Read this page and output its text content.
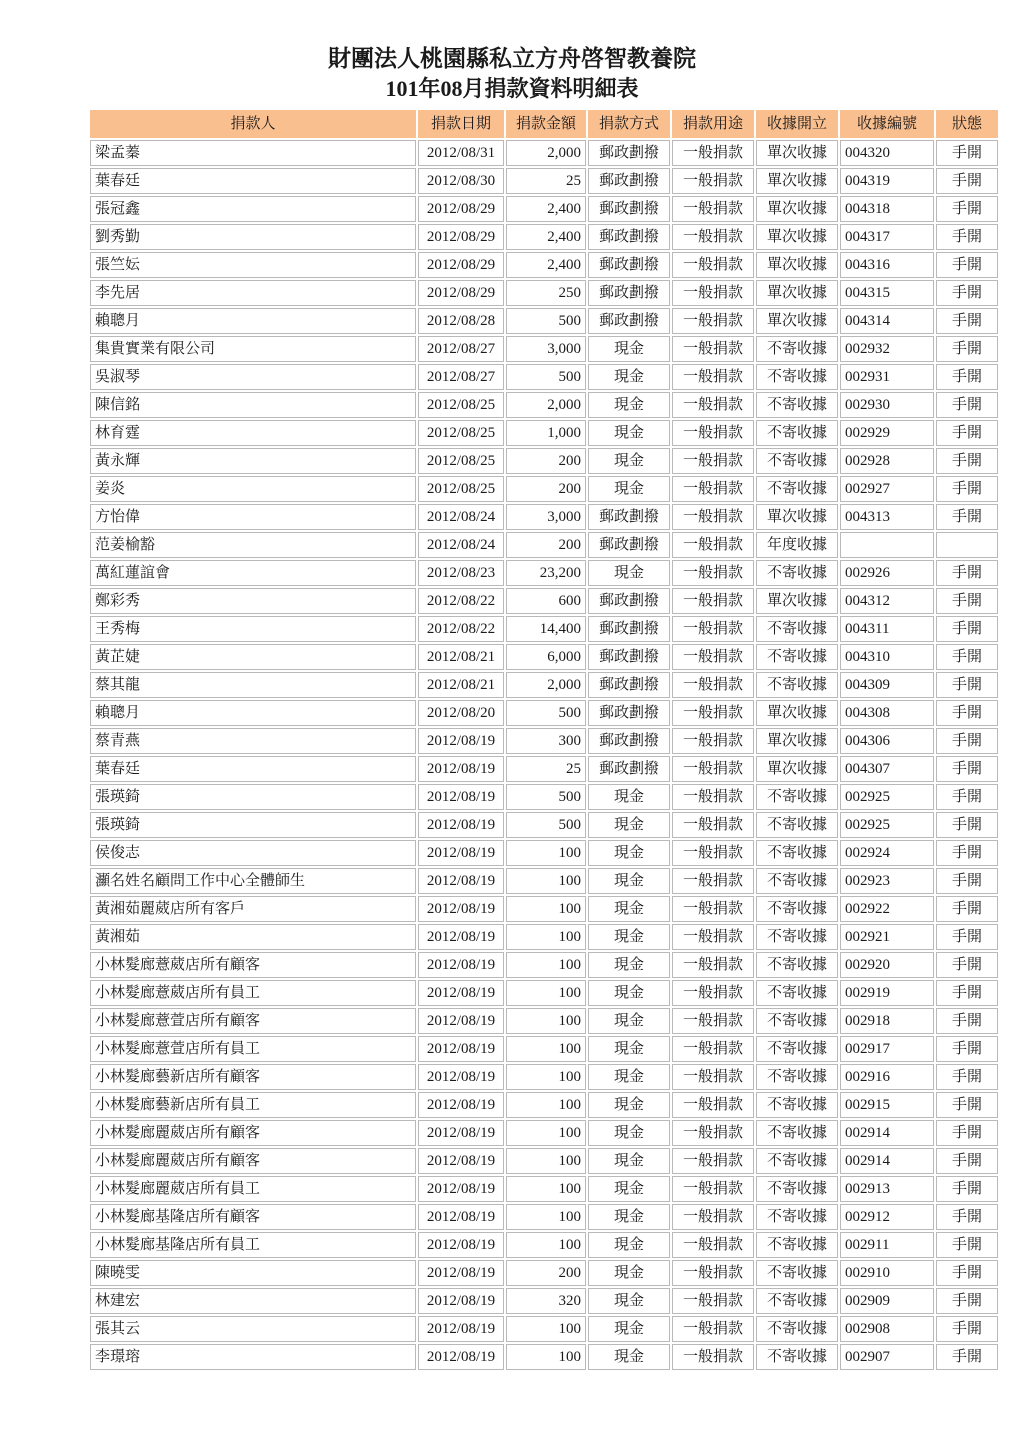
財團法人桃園縣私立方舟啓智教養院
101年08月捐款資料明細表
捐款人	捐款日期	捐款金額	捐款方式	捐款用途	收據開立	收據編號	狀態
梁孟蓁	2012/08/31	2,000	郵政劃撥	一般捐款	單次收據	004320	手開
葉春廷	2012/08/30	25	郵政劃撥	一般捐款	單次收據	004319	手開
張冠鑫	2012/08/29	2,400	郵政劃撥	一般捐款	單次收據	004318	手開
劉秀勤	2012/08/29	2,400	郵政劃撥	一般捐款	單次收據	004317	手開
張竺妘	2012/08/29	2,400	郵政劃撥	一般捐款	單次收據	004316	手開
李先居	2012/08/29	250	郵政劃撥	一般捐款	單次收據	004315	手開
賴聰月	2012/08/28	500	郵政劃撥	一般捐款	單次收據	004314	手開
集貴實業有限公司	2012/08/27	3,000	現金	一般捐款	不寄收據	002932	手開
吳淑琴	2012/08/27	500	現金	一般捐款	不寄收據	002931	手開
陳信銘	2012/08/25	2,000	現金	一般捐款	不寄收據	002930	手開
林育霆	2012/08/25	1,000	現金	一般捐款	不寄收據	002929	手開
黃永輝	2012/08/25	200	現金	一般捐款	不寄收據	002928	手開
姜炎	2012/08/25	200	現金	一般捐款	不寄收據	002927	手開
方怡偉	2012/08/24	3,000	郵政劃撥	一般捐款	單次收據	004313	手開
范姜榆豁	2012/08/24	200	郵政劃撥	一般捐款	年度收據		
萬紅蓮誼會	2012/08/23	23,200	現金	一般捐款	不寄收據	002926	手開
鄭彩秀	2012/08/22	600	郵政劃撥	一般捐款	單次收據	004312	手開
王秀梅	2012/08/22	14,400	郵政劃撥	一般捐款	不寄收據	004311	手開
黃芷婕	2012/08/21	6,000	郵政劃撥	一般捐款	不寄收據	004310	手開
蔡其龍	2012/08/21	2,000	郵政劃撥	一般捐款	不寄收據	004309	手開
賴聰月	2012/08/20	500	郵政劃撥	一般捐款	單次收據	004308	手開
蔡青燕	2012/08/19	300	郵政劃撥	一般捐款	單次收據	004306	手開
葉春廷	2012/08/19	25	郵政劃撥	一般捐款	單次收據	004307	手開
張瑛錡	2012/08/19	500	現金	一般捐款	不寄收據	002925	手開
張瑛錡	2012/08/19	500	現金	一般捐款	不寄收據	002925	手開
侯俊志	2012/08/19	100	現金	一般捐款	不寄收據	002924	手開
灦名姓名顧問工作中心全體師生	2012/08/19	100	現金	一般捐款	不寄收據	002923	手開
黃湘茹麗葳店所有客戶	2012/08/19	100	現金	一般捐款	不寄收據	002922	手開
黃湘茹	2012/08/19	100	現金	一般捐款	不寄收據	002921	手開
小林髮廊薏葳店所有顧客	2012/08/19	100	現金	一般捐款	不寄收據	002920	手開
小林髮廊薏葳店所有員工	2012/08/19	100	現金	一般捐款	不寄收據	002919	手開
小林髮廊薏萱店所有顧客	2012/08/19	100	現金	一般捐款	不寄收據	002918	手開
小林髮廊薏萱店所有員工	2012/08/19	100	現金	一般捐款	不寄收據	002917	手開
小林髮廊藝新店所有顧客	2012/08/19	100	現金	一般捐款	不寄收據	002916	手開
小林髮廊藝新店所有員工	2012/08/19	100	現金	一般捐款	不寄收據	002915	手開
小林髮廊麗葳店所有顧客	2012/08/19	100	現金	一般捐款	不寄收據	002914	手開
小林髮廊麗葳店所有顧客	2012/08/19	100	現金	一般捐款	不寄收據	002914	手開
小林髮廊麗葳店所有員工	2012/08/19	100	現金	一般捐款	不寄收據	002913	手開
小林髮廊基隆店所有顧客	2012/08/19	100	現金	一般捐款	不寄收據	002912	手開
小林髮廊基隆店所有員工	2012/08/19	100	現金	一般捐款	不寄收據	002911	手開
陳曉雯	2012/08/19	200	現金	一般捐款	不寄收據	002910	手開
林建宏	2012/08/19	320	現金	一般捐款	不寄收據	002909	手開
張其云	2012/08/19	100	現金	一般捐款	不寄收據	002908	手開
李璟瑢	2012/08/19	100	現金	一般捐款	不寄收據	002907	手開
